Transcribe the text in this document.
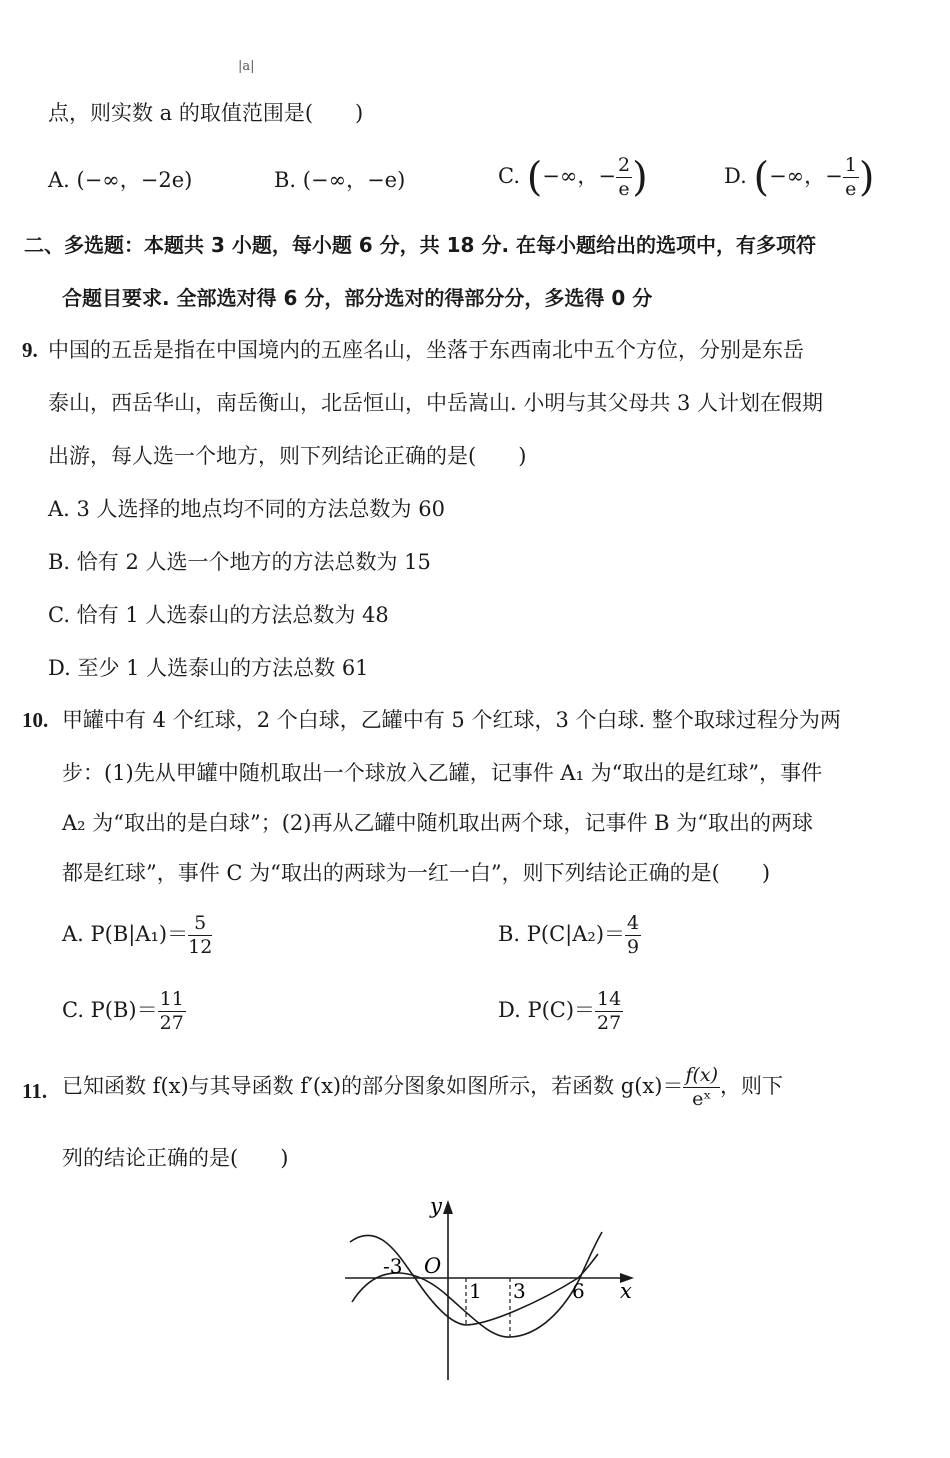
|a|
点，则实数 a 的取值范围是(　　)
A. (−∞，−2e)	B. (−∞，−e)	C. (−∞，− $\frac{2}{e}$ )	D. (−∞，− $\frac{1}{e}$ )
二、多选题：本题共 3 小题，每小题 6 分，共 18 分. 在每小题给出的选项中，有多项符
合题目要求. 全部选对得 6 分，部分选对的得部分分，多选得 0 分
9. 中国的五岳是指在中国境内的五座名山，坐落于东西南北中五个方位，分别是东岳
泰山，西岳华山，南岳衡山，北岳恒山，中岳嵩山. 小明与其父母共 3 人计划在假期
出游，每人选一个地方，则下列结论正确的是(　　)
A. 3 人选择的地点均不同的方法总数为 60
B. 恰有 2 人选一个地方的方法总数为 15
C. 恰有 1 人选泰山的方法总数为 48
D. 至少 1 人选泰山的方法总数 61
10. 甲罐中有 4 个红球，2 个白球，乙罐中有 5 个红球，3 个白球. 整个取球过程分为两
步：(1)先从甲罐中随机取出一个球放入乙罐，记事件 A₁ 为“取出的是红球”，事件
A₂ 为“取出的是白球”；(2)再从乙罐中随机取出两个球，记事件 B 为“取出的两球
都是红球”，事件 C 为“取出的两球为一红一白”，则下列结论正确的是(　　)
A. $P(B|A_1)= \frac{5}{12}$	B. $P(C|A_2)= \frac{4}{9}$
C. $P(B)= \frac{11}{27}$	D. $P(C)= \frac{14}{27}$
11. 已知函数 f(x)与其导函数 f′(x)的部分图象如图所示，若函数 $g(x)= \frac{f(x)}{\text{eˣ}}$ ，则下
列的结论正确的是(　　)
y
x
O
-3
1 3 6
